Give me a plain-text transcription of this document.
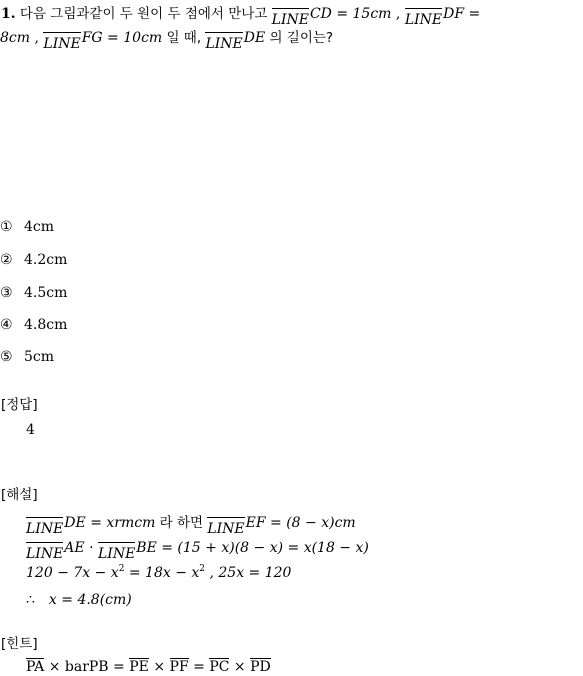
1. 다음 그림과같이 두 원이 두 점에서 만나고 LINECD = 15cm , LINEDF =
8cm , LINEFG = 10cm 일 때, LINEDE 의 길이는?
① 4cm
② 4.2cm
③ 4.5cm
④ 4.8cm
⑤ 5cm
[정답]
4
[해설]
LINEDE = xrmcm 라 하면 LINEEF = (8 − x)cm
LINEAE · LINEBE = (15 + x)(8 − x) = x(18 − x)
$120 - 7x - x^2 = 18x - x^2$ , 25x = 120
∴ x = 4.8(cm)
[힌트]
PA × barPB = PE × PF = PC × PD
